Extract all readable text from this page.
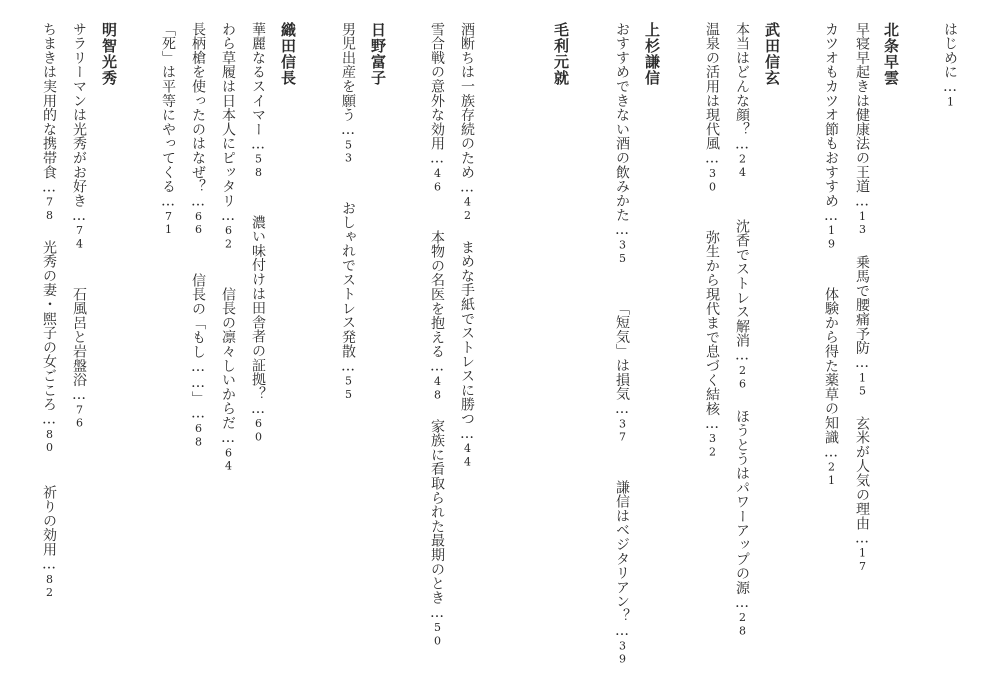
はじめに…1
北条早雲
早寝早起きは健康法の王道…13乗馬で腰痛予防…15玄米が人気の理由…17
カツオもカツオ節もおすすめ…19体験から得た薬草の知識…21
武田信玄
本当はどんな顔？…24沈香でストレス解消…26ほうとうはパワーアップの源…28
温泉の活用は現代風…30弥生から現代まで息づく結核…32
上杉謙信
おすすめできない酒の飲みかた…35「短気」は損気…37謙信はベジタリアン？…39
毛利元就
酒断ちは一族存続のため…42まめな手紙でストレスに勝つ…44
雪合戦の意外な効用…46本物の名医を抱える…48家族に看取られた最期のとき…50
日野富子
男児出産を願う…53おしゃれでストレス発散…55
織田信長
華麗なるスイマー…58濃い味付けは田舎者の証拠？…60
わら草履は日本人にピッタリ…62信長の凛々しいからだ…64
長柄槍を使ったのはなぜ？…66信長の「もし……」…68
「死」は平等にやってくる…71
明智光秀
サラリーマンは光秀がお好き…74石風呂と岩盤浴…76
ちまきは実用的な携帯食…78光秀の妻・煕子の女ごころ…80祈りの効用…82
